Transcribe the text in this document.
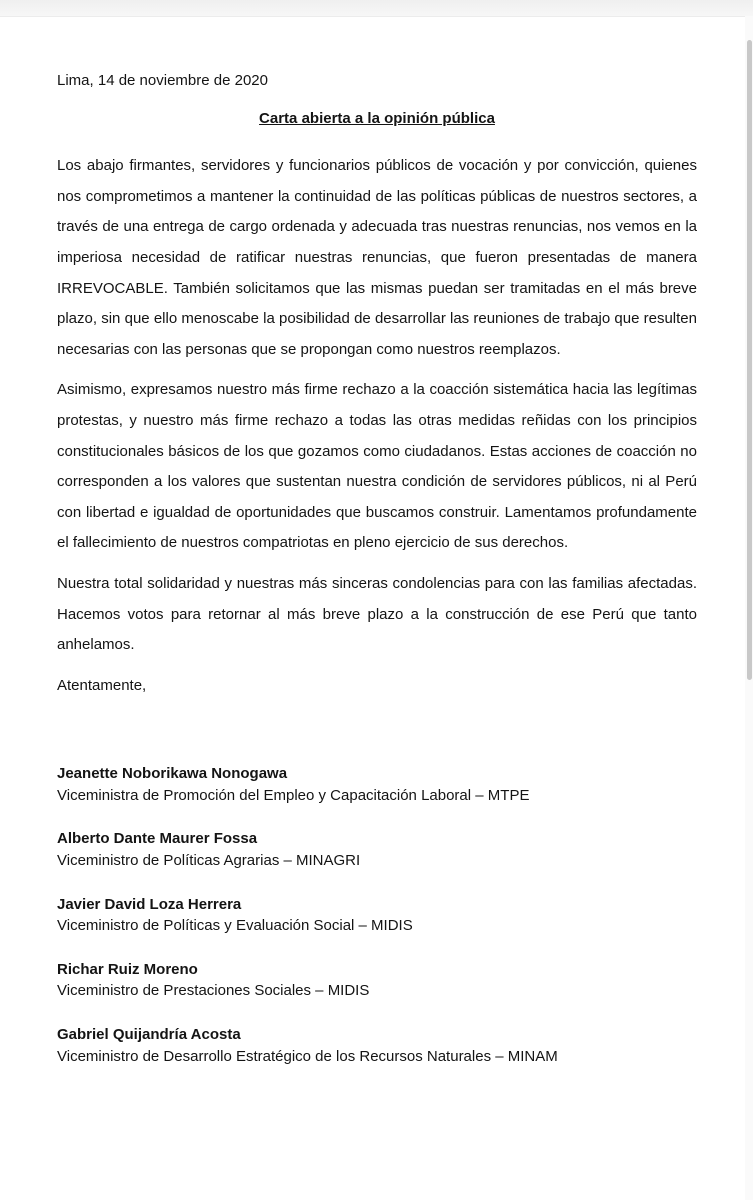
Lima, 14 de noviembre de 2020

Carta abierta a la opinión pública

Los abajo firmantes, servidores y funcionarios públicos de vocación y por convicción, quienes nos comprometimos a mantener la continuidad de las políticas públicas de nuestros sectores, a través de una entrega de cargo ordenada y adecuada tras nuestras renuncias, nos vemos en la imperiosa necesidad de ratificar nuestras renuncias, que fueron presentadas de manera IRREVOCABLE. También solicitamos que las mismas puedan ser tramitadas en el más breve plazo, sin que ello menoscabe la posibilidad de desarrollar las reuniones de trabajo que resulten necesarias con las personas que se propongan como nuestros reemplazos.

Asimismo, expresamos nuestro más firme rechazo a la coacción sistemática hacia las legítimas protestas, y nuestro más firme rechazo a todas las otras medidas reñidas con los principios constitucionales básicos de los que gozamos como ciudadanos. Estas acciones de coacción no corresponden a los valores que sustentan nuestra condición de servidores públicos, ni al Perú con libertad e igualdad de oportunidades que buscamos construir. Lamentamos profundamente el fallecimiento de nuestros compatriotas en pleno ejercicio de sus derechos.

Nuestra total solidaridad y nuestras más sinceras condolencias para con las familias afectadas. Hacemos votos para retornar al más breve plazo a la construcción de ese Perú que tanto anhelamos.

Atentamente,

Jeanette Noborikawa Nonogawa
Viceministra de Promoción del Empleo y Capacitación Laboral – MTPE
Alberto Dante Maurer Fossa
Viceministro de Políticas Agrarias – MINAGRI
Javier David Loza Herrera
Viceministro de Políticas y Evaluación Social – MIDIS
Richar Ruiz Moreno
Viceministro de Prestaciones Sociales – MIDIS
Gabriel Quijandría Acosta
Viceministro de Desarrollo Estratégico de los Recursos Naturales – MINAM
